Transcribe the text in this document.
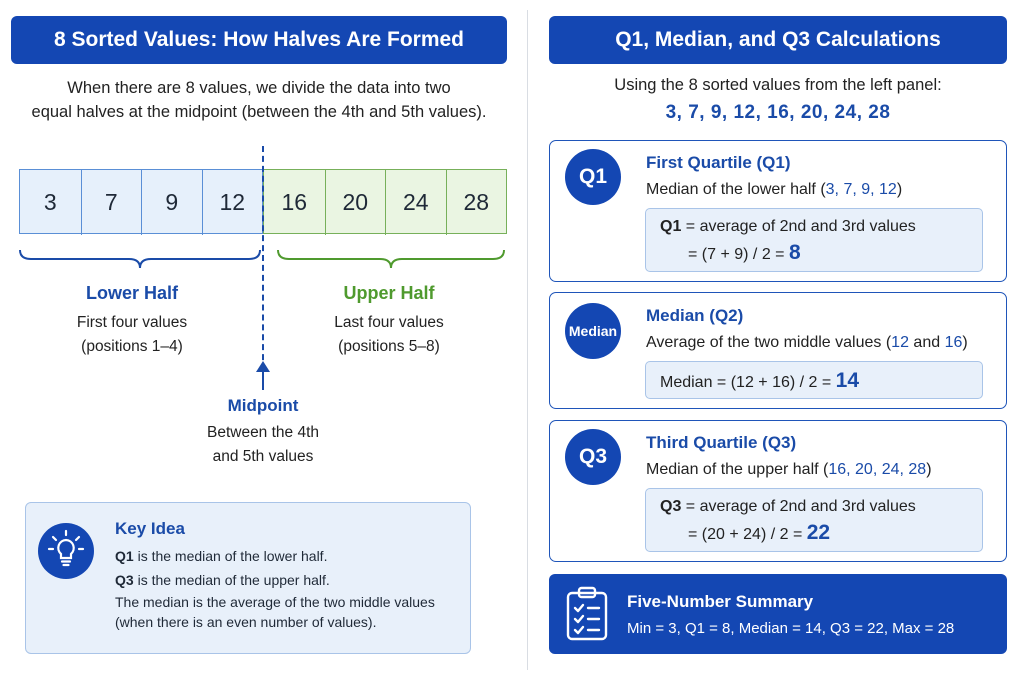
8 Sorted Values: How Halves Are Formed
When there are 8 values, we divide the data into two
equal halves at the midpoint (between the 4th and 5th values).
3	7	9	12	16	20	24	28
Lower Half
First four values
(positions 1–4)
Upper Half
Last four values
(positions 5–8)
Midpoint
Between the 4th
and 5th values
Key Idea
Q1 is the median of the lower half.
Q3 is the median of the upper half.
The median is the average of the two middle values
(when there is an even number of values).
Q1, Median, and Q3 Calculations
Using the 8 sorted values from the left panel:
3, 7, 9, 12, 16, 20, 24, 28
Q1
First Quartile (Q1)
Median of the lower half (3, 7, 9, 12)
Q1 = average of 2nd and 3rd values
= (7 + 9) / 2 = 8
Median
Median (Q2)
Average of the two middle values (12 and 16)
Median = (12 + 16) / 2 = 14
Q3
Third Quartile (Q3)
Median of the upper half (16, 20, 24, 28)
Q3 = average of 2nd and 3rd values
= (20 + 24) / 2 = 22
Five-Number Summary
Min = 3, Q1 = 8, Median = 14, Q3 = 22, Max = 28
